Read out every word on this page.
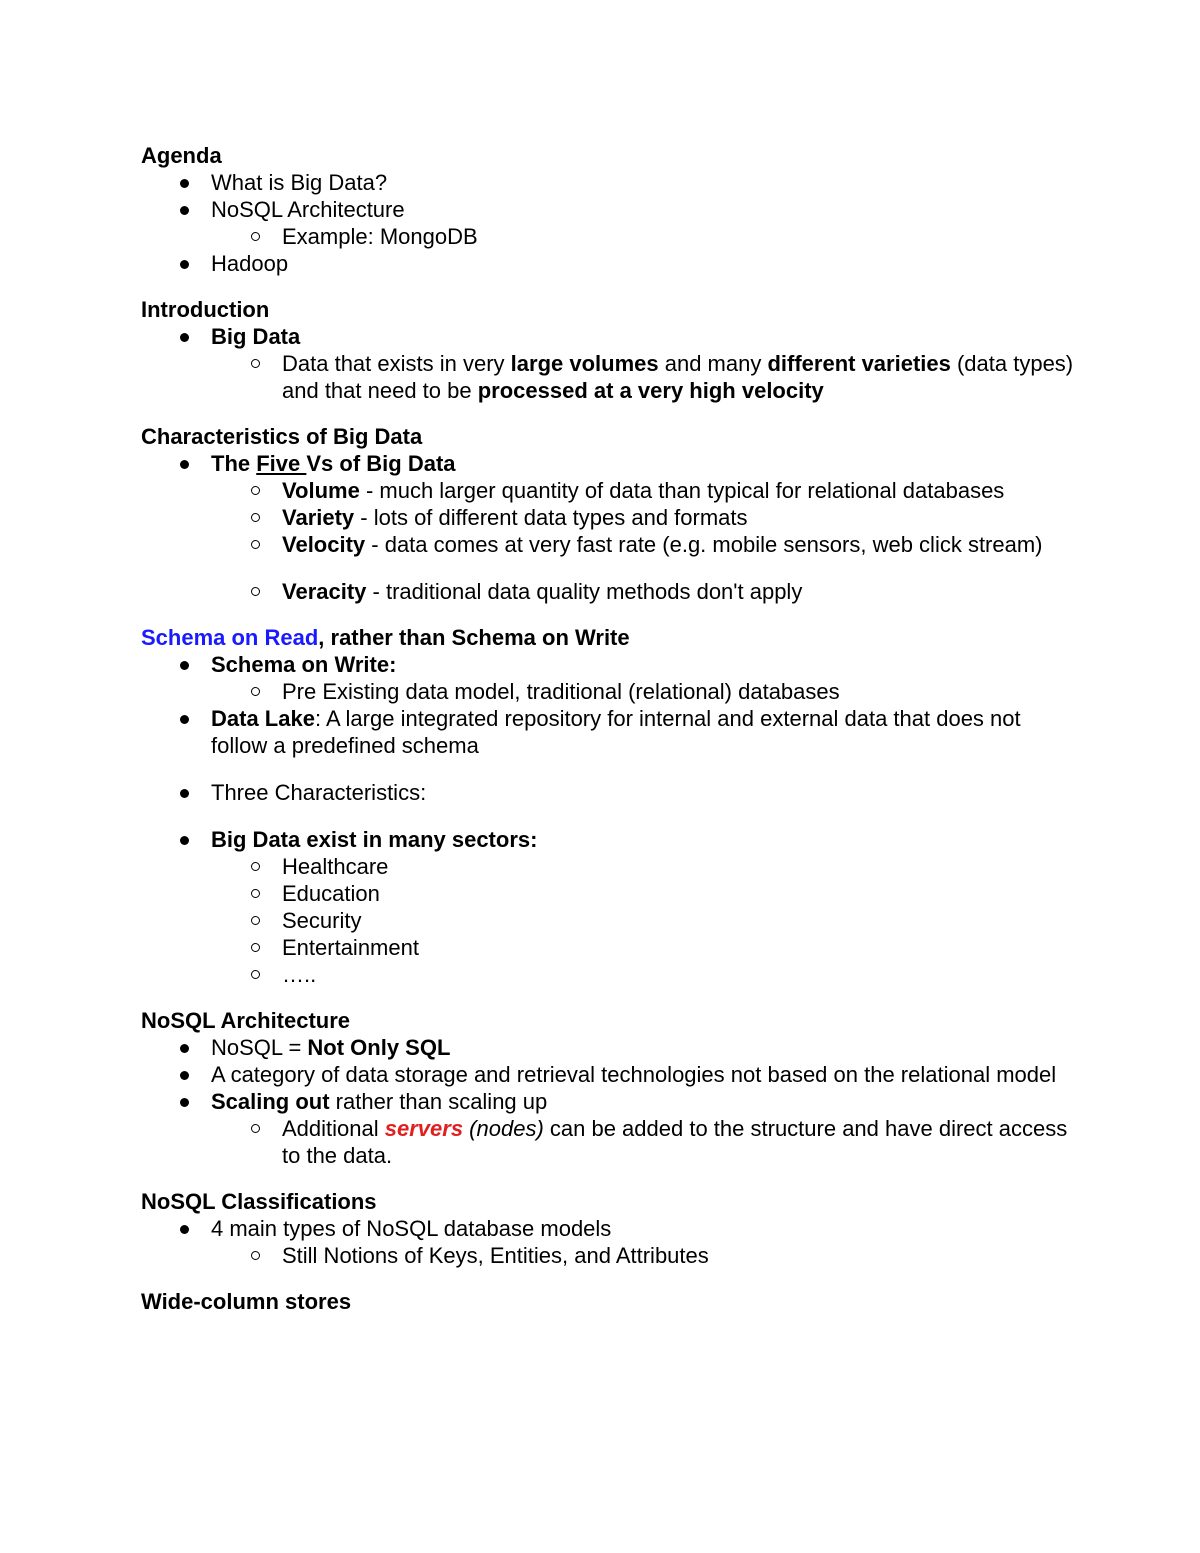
Agenda

What is Big Data?
NoSQL Architecture
Example: MongoDB
Hadoop

Introduction

Big Data
Data that exists in very large volumes and many different varieties (data types) and that need to be processed at a very high velocity

Characteristics of Big Data

The Five Vs of Big Data
Volume - much larger quantity of data than typical for relational databases
Variety - lots of different data types and formats
Velocity - data comes at very fast rate (e.g. mobile sensors, web click stream)
Veracity - traditional data quality methods don't apply

Schema on Read, rather than Schema on Write

Schema on Write:
Pre Existing data model, traditional (relational) databases
Data Lake: A large integrated repository for internal and external data that does not follow a predefined schema
Three Characteristics:
Big Data exist in many sectors:
Healthcare
Education
Security
Entertainment
…..

NoSQL Architecture

NoSQL = Not Only SQL
A category of data storage and retrieval technologies not based on the relational model
Scaling out rather than scaling up
Additional servers (nodes) can be added to the structure and have direct access to the data.

NoSQL Classifications

4 main types of NoSQL database models
Still Notions of Keys, Entities, and Attributes

Wide-column stores
